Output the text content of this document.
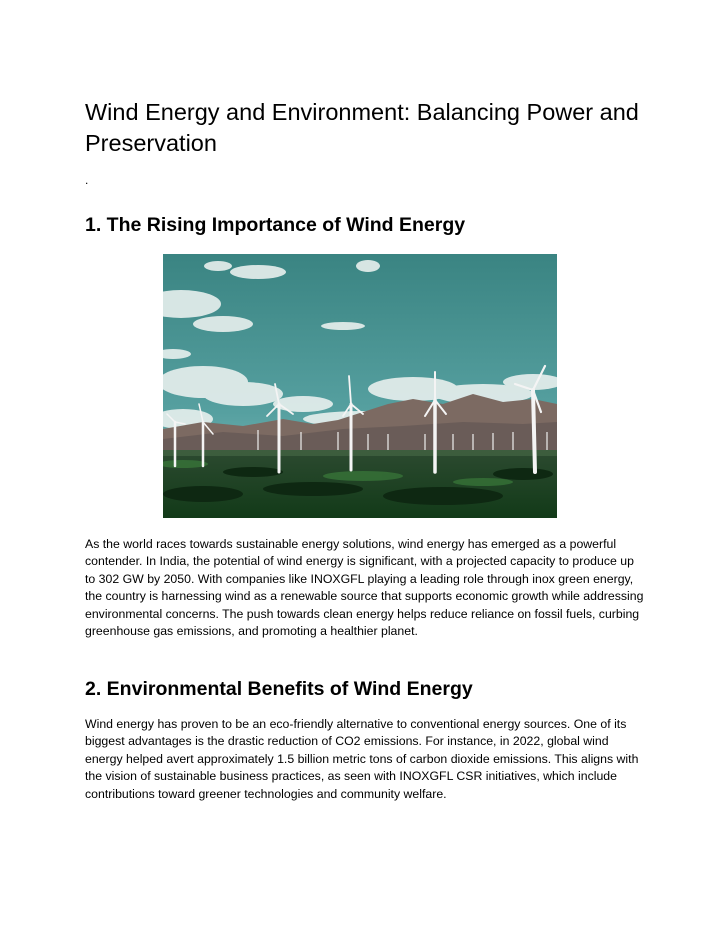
Wind Energy and Environment: Balancing Power and Preservation

.

1. The Rising Importance of Wind Energy

As the world races towards sustainable energy solutions, wind energy has emerged as a powerful contender. In India, the potential of wind energy is significant, with a projected capacity to produce up to 302 GW by 2050. With companies like INOXGFL playing a leading role through inox green energy, the country is harnessing wind as a renewable source that supports economic growth while addressing environmental concerns. The push towards clean energy helps reduce reliance on fossil fuels, curbing greenhouse gas emissions, and promoting a healthier planet.

2. Environmental Benefits of Wind Energy

Wind energy has proven to be an eco-friendly alternative to conventional energy sources. One of its biggest advantages is the drastic reduction of CO2 emissions. For instance, in 2022, global wind energy helped avert approximately 1.5 billion metric tons of carbon dioxide emissions. This aligns with the vision of sustainable business practices, as seen with INOXGFL CSR initiatives, which include contributions toward greener technologies and community welfare.
